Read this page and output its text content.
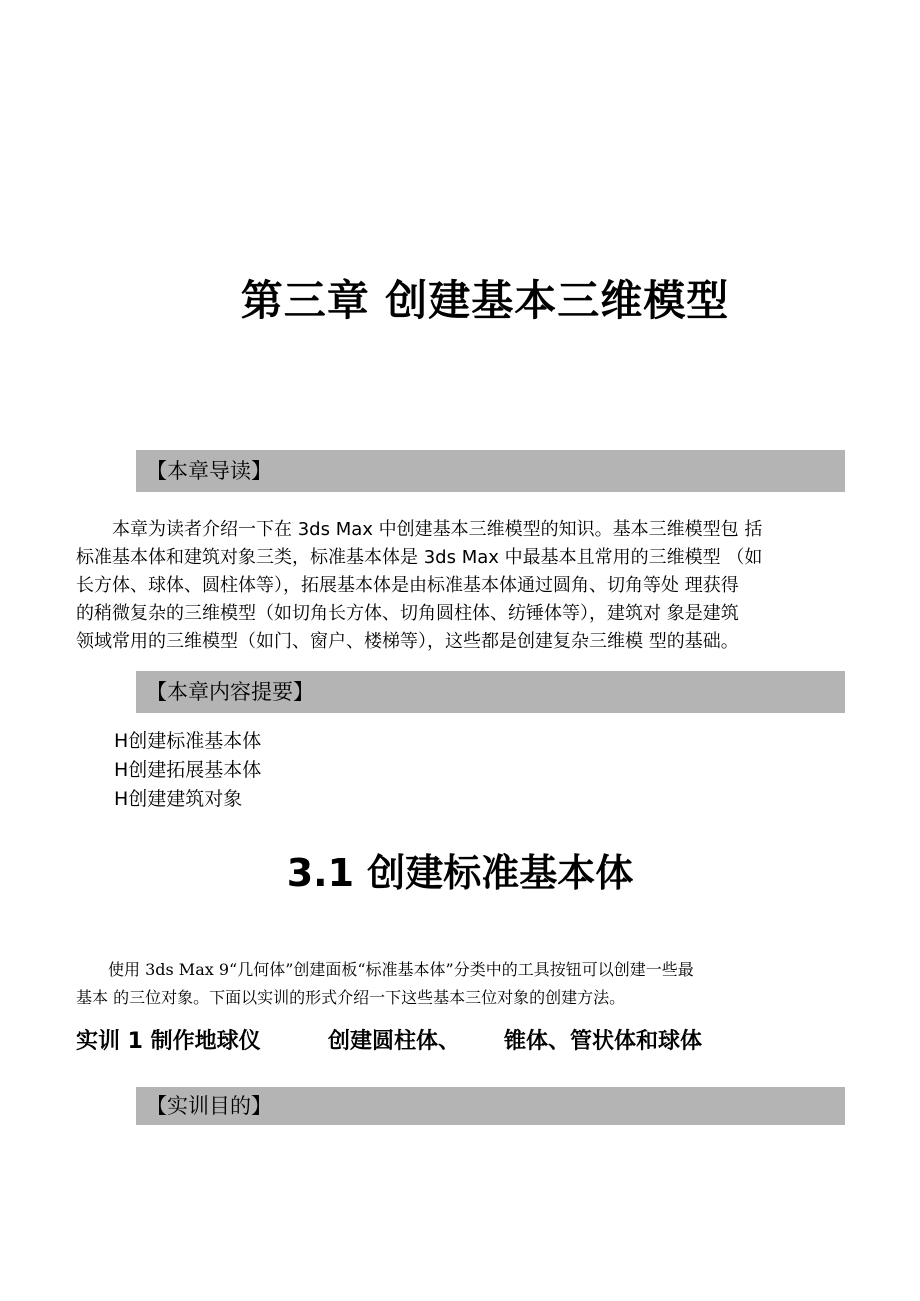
第三章 创建基本三维模型
【本章导读】

　　本章为读者介绍一下在 3ds Max 中创建基本三维模型的知识。基本三维模型包 括

标准基本体和建筑对象三类，标准基本体是 3ds Max 中最基本且常用的三维模型 （如

长方体、球体、圆柱体等），拓展基本体是由标准基本体通过圆角、切角等处 理获得

的稍微复杂的三维模型（如切角长方体、切角圆柱体、纺锤体等），建筑对 象是建筑

领域常用的三维模型（如门、窗户、楼梯等），这些都是创建复杂三维模 型的基础。

【本章内容提要】
H创建标准基本体
H创建拓展基本体
H创建建筑对象
3.1 创建标准基本体

　　使用 3ds Max 9“几何体”创建面板“标准基本体”分类中的工具按钮可以创建一些最

基本 的三位对象。下面以实训的形式介绍一下这些基本三位对象的创建方法。

实训 1 制作地球仪	创建圆柱体、 锥体、管状体和球体
【实训目的】
